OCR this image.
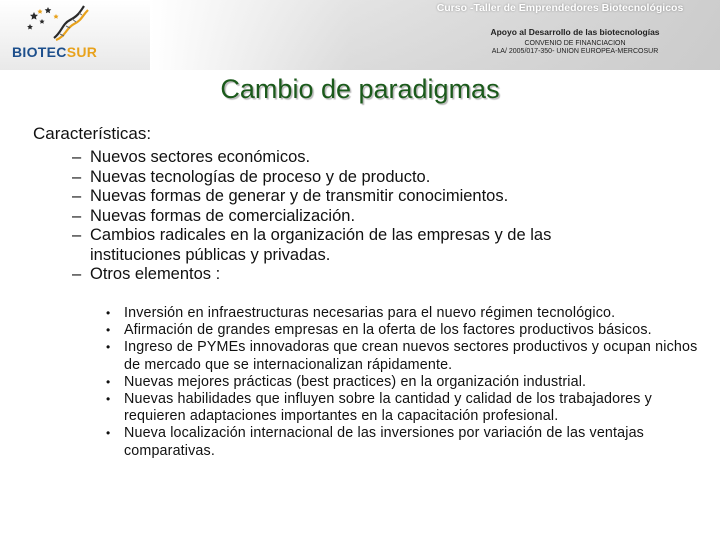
BIOTECSUR
Curso -Taller de Emprendedores Biotecnológicos
Apoyo al Desarrollo de las biotecnologías
CONVENIO DE FINANCIACION
ALA/ 2005/017-350- UNION EUROPEA-MERCOSUR
Cambio de paradigmas
Características:
– Nuevos sectores económicos.
– Nuevas tecnologías de proceso y de producto.
– Nuevas formas de generar y de transmitir conocimientos.
– Nuevas formas de comercialización.
– Cambios radicales en la organización de las empresas y de las instituciones públicas y privadas.
– Otros elementos :
• Inversión en infraestructuras necesarias para el nuevo régimen tecnológico.
• Afirmación de grandes empresas en la oferta de los factores productivos básicos.
• Ingreso de PYMEs innovadoras que crean nuevos sectores productivos y ocupan nichos de mercado que se internacionalizan rápidamente.
• Nuevas mejores prácticas (best practices) en la organización industrial.
• Nuevas habilidades que influyen sobre la cantidad y calidad de los trabajadores y requieren adaptaciones importantes en la capacitación profesional.
• Nueva localización internacional de las inversiones por variación de las ventajas comparativas.
